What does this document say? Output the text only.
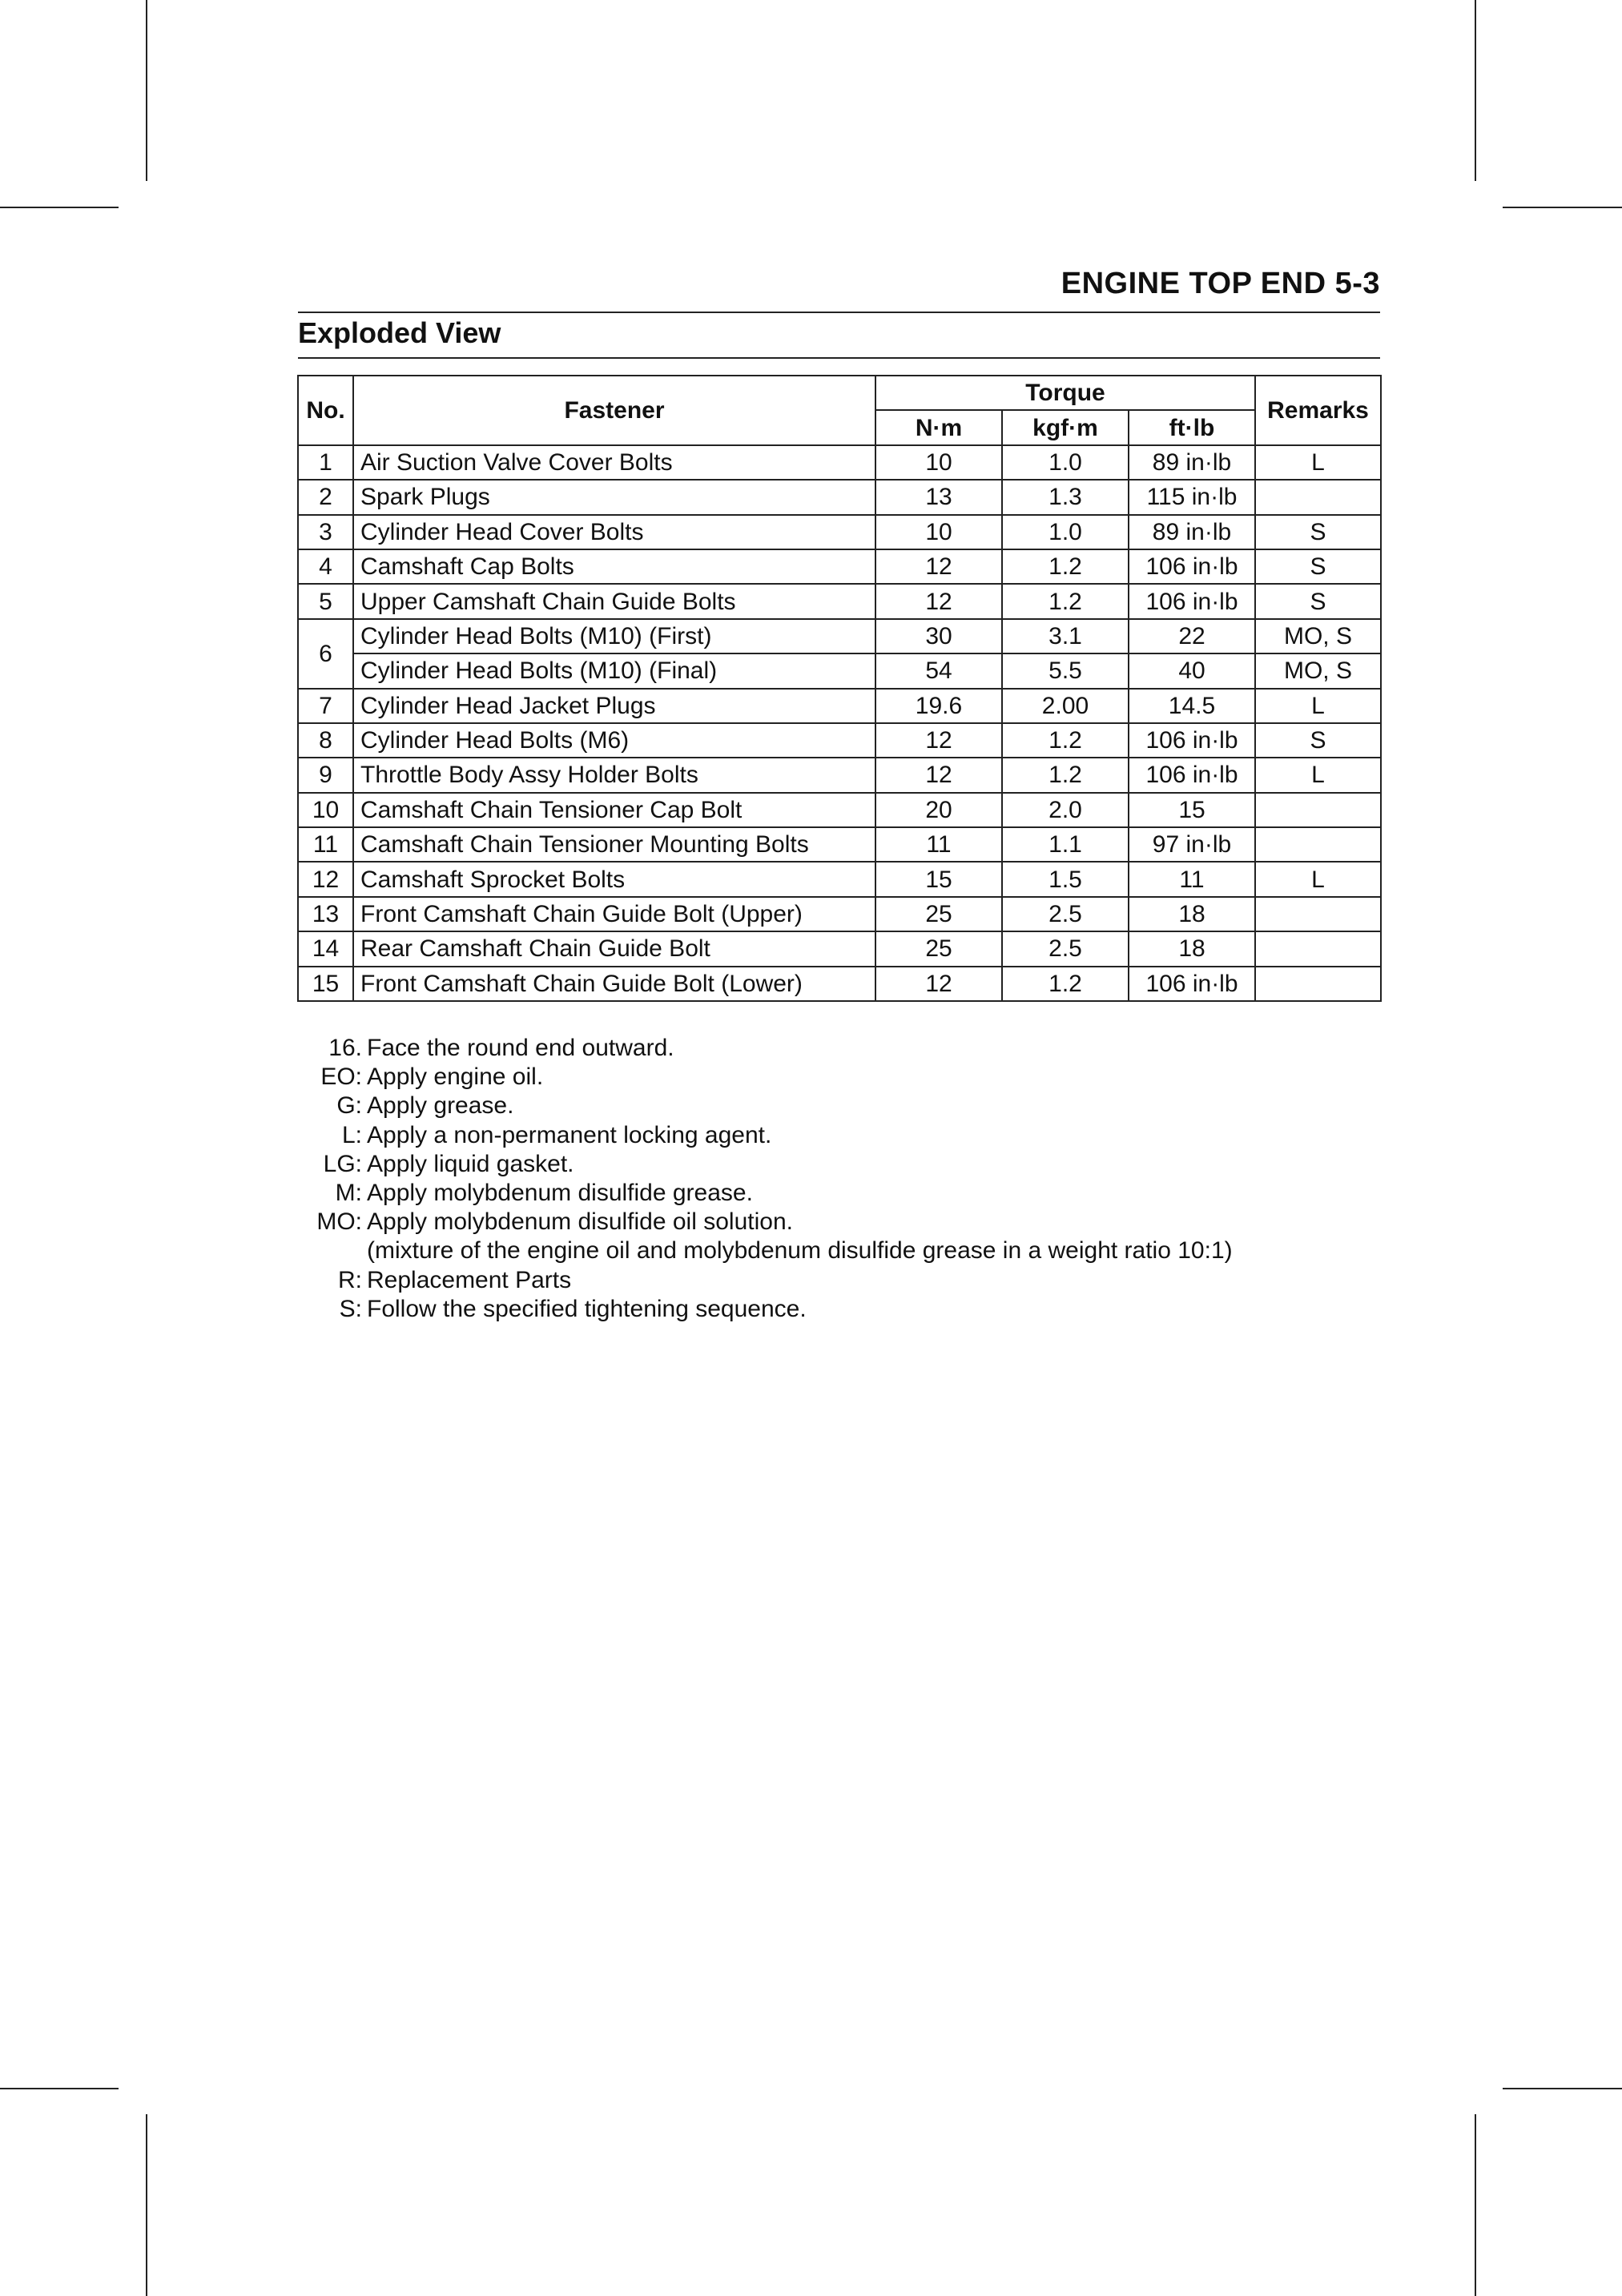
ENGINE TOP END 5-3
Exploded View
No.	Fastener	Torque			Remarks
		N·m	kgf·m	ft·lb	
1	Air Suction Valve Cover Bolts	10	1.0	89 in·lb	L
2	Spark Plugs	13	1.3	115 in·lb	
3	Cylinder Head Cover Bolts	10	1.0	89 in·lb	S
4	Camshaft Cap Bolts	12	1.2	106 in·lb	S
5	Upper Camshaft Chain Guide Bolts	12	1.2	106 in·lb	S
6	Cylinder Head Bolts (M10) (First)	30	3.1	22	MO, S
	Cylinder Head Bolts (M10) (Final)	54	5.5	40	MO, S
7	Cylinder Head Jacket Plugs	19.6	2.00	14.5	L
8	Cylinder Head Bolts (M6)	12	1.2	106 in·lb	S
9	Throttle Body Assy Holder Bolts	12	1.2	106 in·lb	L
10	Camshaft Chain Tensioner Cap Bolt	20	2.0	15	
11	Camshaft Chain Tensioner Mounting Bolts	11	1.1	97 in·lb	
12	Camshaft Sprocket Bolts	15	1.5	11	L
13	Front Camshaft Chain Guide Bolt (Upper)	25	2.5	18	
14	Rear Camshaft Chain Guide Bolt	25	2.5	18	
15	Front Camshaft Chain Guide Bolt (Lower)	12	1.2	106 in·lb	
16. Face the round end outward.
EO: Apply engine oil.
G: Apply grease.
L: Apply a non-permanent locking agent.
LG: Apply liquid gasket.
M: Apply molybdenum disulfide grease.
MO: Apply molybdenum disulfide oil solution.
(mixture of the engine oil and molybdenum disulfide grease in a weight ratio 10:1)
R: Replacement Parts
S: Follow the specified tightening sequence.
